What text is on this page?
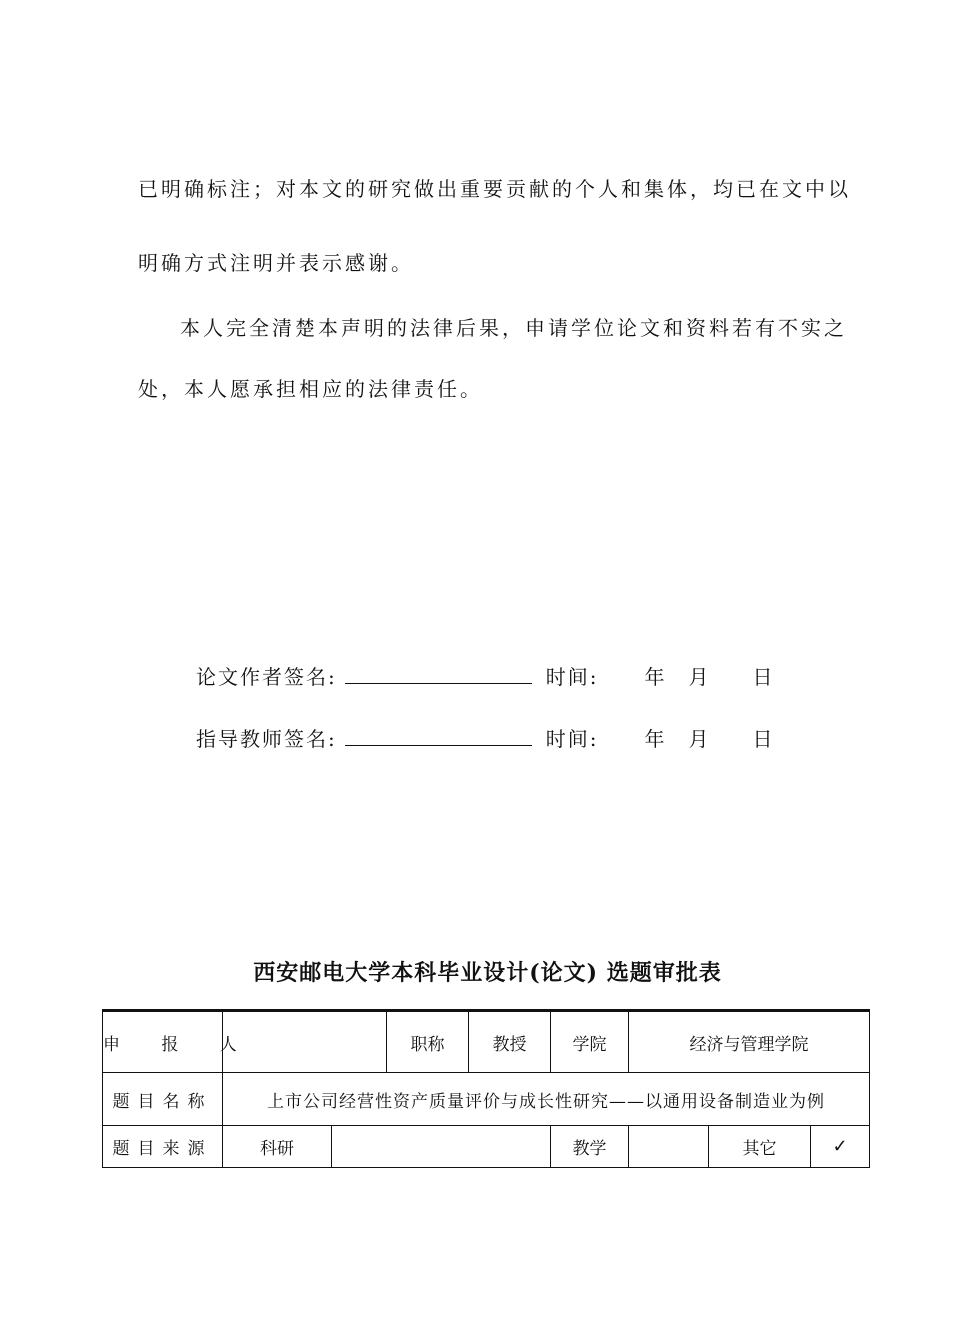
已明确标注；对本文的研究做出重要贡献的个人和集体，均已在文中以
明确方式注明并表示感谢。
本人完全清楚本声明的法律后果，申请学位论文和资料若有不实之
处，本人愿承担相应的法律责任。
论文作者签名:	时间: 年 月 日
指导教师签名:	时间: 年 月 日
西安邮电大学本科毕业设计(论文) 选题审批表
申 报 人			职称	教授	学院	经济与管理学院		
题目名称	上市公司经营性资产质量评价与成长性研究——以通用设备制造业为例							
题目来源	科研				教学		其它	✓
